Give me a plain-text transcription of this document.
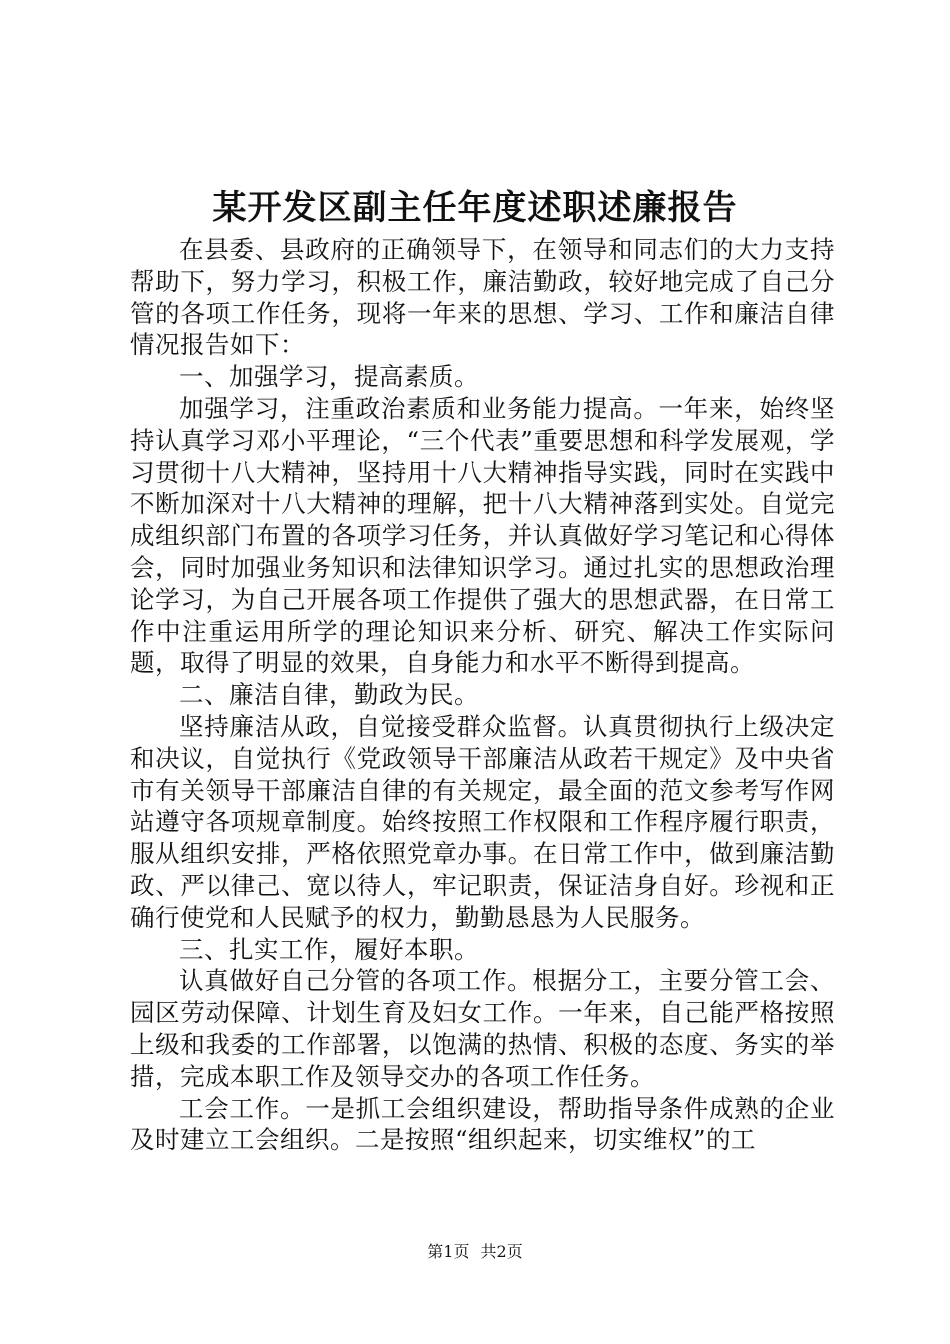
某开发区副主任年度述职述廉报告

在县委、县政府的正确领导下，在领导和同志们的大力支持帮助下，努力学习，积极工作，廉洁勤政，较好地完成了自己分管的各项工作任务，现将一年来的思想、学习、工作和廉洁自律情况报告如下：

一、加强学习，提高素质。

加强学习，注重政治素质和业务能力提高。一年来，始终坚持认真学习邓小平理论，“三个代表”重要思想和科学发展观，学习贯彻十八大精神，坚持用十八大精神指导实践，同时在实践中不断加深对十八大精神的理解，把十八大精神落到实处。自觉完成组织部门布置的各项学习任务，并认真做好学习笔记和心得体会，同时加强业务知识和法律知识学习。通过扎实的思想政治理论学习，为自己开展各项工作提供了强大的思想武器，在日常工作中注重运用所学的理论知识来分析、研究、解决工作实际问题，取得了明显的效果，自身能力和水平不断得到提高。

二、廉洁自律，勤政为民。

坚持廉洁从政，自觉接受群众监督。认真贯彻执行上级决定和决议，自觉执行《党政领导干部廉洁从政若干规定》及中央省市有关领导干部廉洁自律的有关规定，最全面的范文参考写作网站遵守各项规章制度。始终按照工作权限和工作程序履行职责，服从组织安排，严格依照党章办事。在日常工作中，做到廉洁勤政、严以律己、宽以待人，牢记职责，保证洁身自好。珍视和正确行使党和人民赋予的权力，勤勤恳恳为人民服务。

三、扎实工作，履好本职。

认真做好自己分管的各项工作。根据分工，主要分管工会、园区劳动保障、计划生育及妇女工作。一年来，自己能严格按照上级和我委的工作部署，以饱满的热情、积极的态度、务实的举措，完成本职工作及领导交办的各项工作任务。

工会工作。一是抓工会组织建设，帮助指导条件成熟的企业及时建立工会组织。二是按照“组织起来，切实维权”的工

第1页 共2页
